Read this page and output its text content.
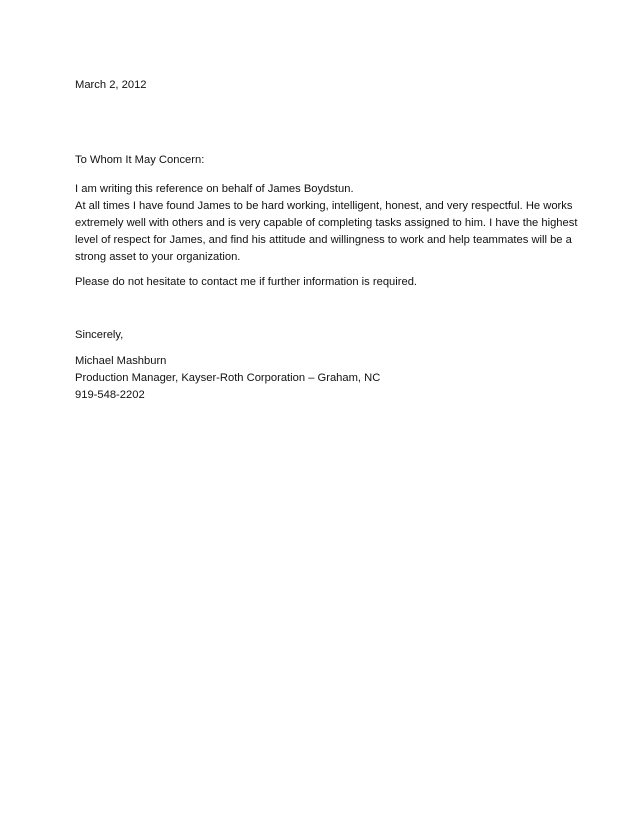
March 2, 2012
To Whom It May Concern:
I am writing this reference on behalf of James Boydstun.
At all times I have found James to be hard working, intelligent, honest, and very respectful. He works
extremely well with others and is very capable of completing tasks assigned to him. I have the highest
level of respect for James, and find his attitude and willingness to work and help teammates will be a
strong asset to your organization.
Please do not hesitate to contact me if further information is required.
Sincerely,
Michael Mashburn
Production Manager, Kayser-Roth Corporation – Graham, NC
919-548-2202
